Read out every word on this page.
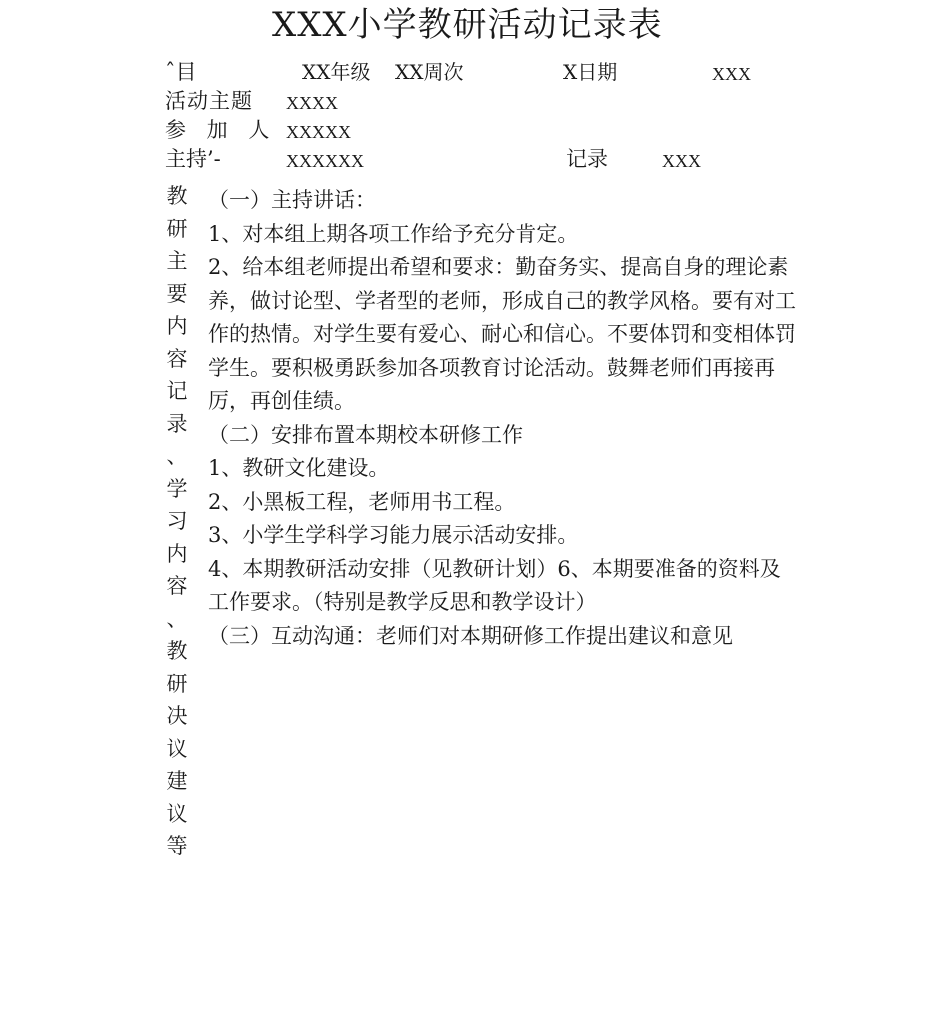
XXX小学教研活动记录表
ˆ目	XX年级 XX周次	X日期	XXX
活动主题 XXXX
参 加 人 XXXXX
主持’-	XXXXXX	记录	XXX
教
研
主
要
内
容
记
录
、
学
习
内
容
、
教
研
决
议
建
议
等

（一）主持讲话：

1、对本组上期各项工作给予充分肯定。

2、给本组老师提出希望和要求：勤奋务实、提高自身的理论素养，做讨论型、学者型的老师，形成自己的教学风格。要有对工作的热情。对学生要有爱心、耐心和信心。不要体罚和变相体罚学生。要积极勇跃参加各项教育讨论活动。鼓舞老师们再接再厉，再创佳绩。

（二）安排布置本期校本研修工作

1、教研文化建设。

2、小黑板工程，老师用书工程。

3、小学生学科学习能力展示活动安排。

4、本期教研活动安排（见教研计划）6、本期要准备的资料及工作要求。（特别是教学反思和教学设计）

（三）互动沟通：老师们对本期研修工作提出建议和意见
